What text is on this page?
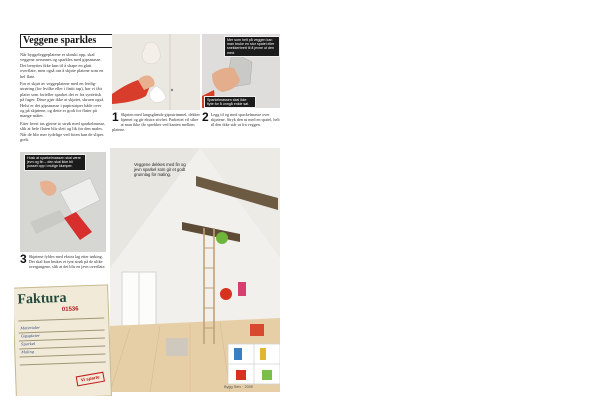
Veggene sparkles

Når byggeleggeplatene er ubrukt opp, skal veggene avrunnes og sparkles med gipsmasse. Det benyttes ikke kun til å skape en glatt overflate, men også om å skjøte platene som en hel flate.

Før et skjøt av veggeplatene med en ferdigutrøring (for hvilke eller i finitt tap), har vi fått plater som forteller sparket det er fra syntetisk på fuger. Disse gjør ikke at skjøtet, skruen også. Helst er det gipsmasse i papirstriper både over og på skjøtene, og dette er godt for flater på mange måter.

Etter hvert tas gjerne to strøk med sparkelmasse, slik at hele flaten blir slett og lik før den males. Når de blir mer tydelige ved foten kan de slipes godt.

Mer som helt på veggen kan man bruke en stor spatel eller snekkerbrett til å jevne ut den med.
Sparkelmassen skal ikke flyte for å unngå enkle søl.
1 Skjøten med langsgående gipsstrimmel, dekker hjørnet og gir ekstra stivhet. Parkettet vil sikre at man ikke får sprekker ved kanten mellom platene.
2 Legg til og med spackelmasse over skjøtene. Stryk den ut med en spatel, helt til den ikke står ut fra veggen.
Husk at sparkelmassen skal være jevn og fin – den skal ikke bli pusset opp i mulige klumper.
3 Skjøtene fyldes med ekstra lag etter tørking. Det skal kun brukes et tynt strøk på de ulike overgangene, slik at det blir en jevn overflate.
Veggene dekkes med fin og jevn sparkel som gir et godt grunnlag for maling.
Faktura
01536
Materialer
Gipsplater
Sparkel
Maling
Vi sparte
Bygg Selv · 2009
